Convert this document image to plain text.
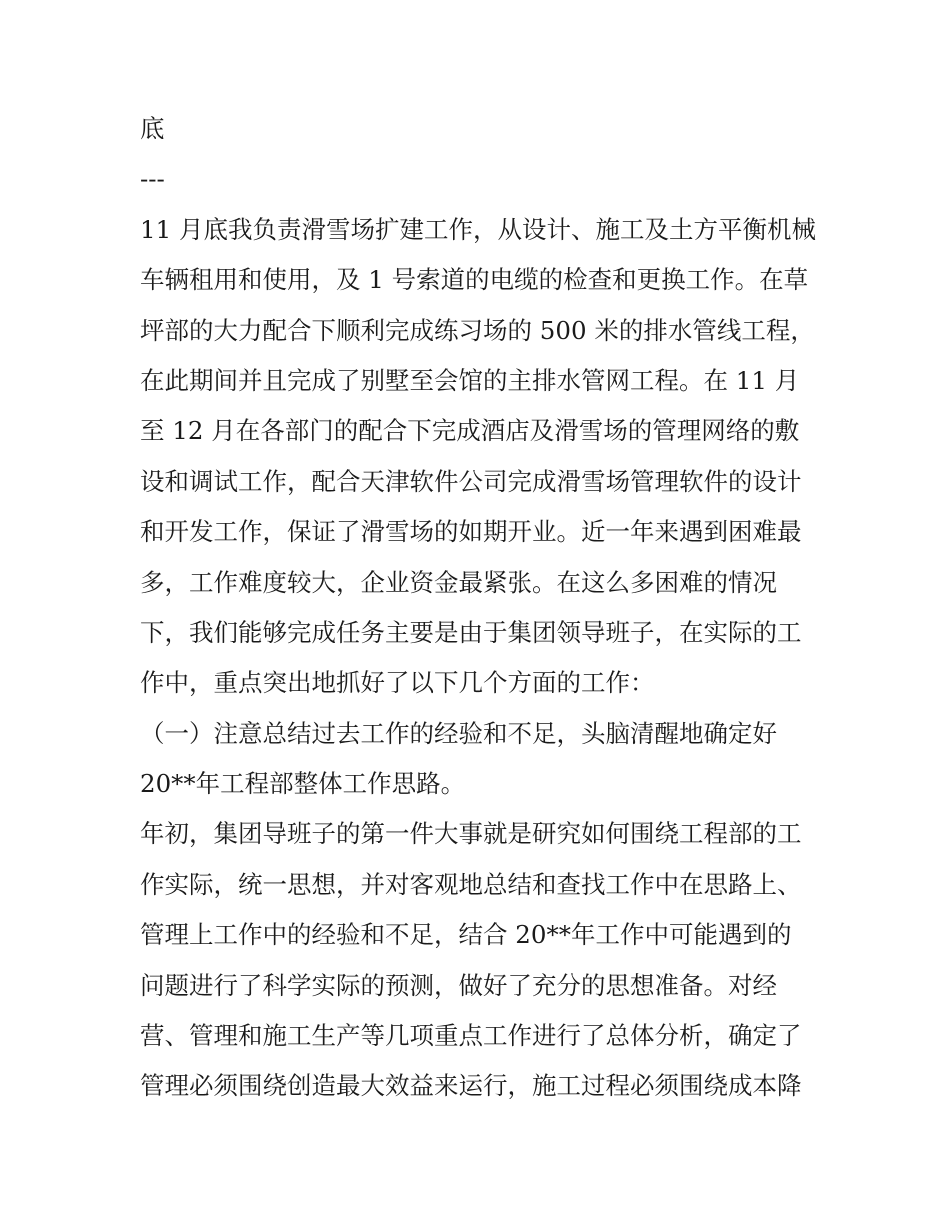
底
---
11 月底我负责滑雪场扩建工作，从设计、施工及土方平衡机械
车辆租用和使用，及 1 号索道的电缆的检查和更换工作。在草
坪部的大力配合下顺利完成练习场的 500 米的排水管线工程，
在此期间并且完成了别墅至会馆的主排水管网工程。在 11 月
至 12 月在各部门的配合下完成酒店及滑雪场的管理网络的敷
设和调试工作，配合天津软件公司完成滑雪场管理软件的设计
和开发工作，保证了滑雪场的如期开业。近一年来遇到困难最
多，工作难度较大，企业资金最紧张。在这么多困难的情况
下，我们能够完成任务主要是由于集团领导班子，在实际的工
作中，重点突出地抓好了以下几个方面的工作：
（一）注意总结过去工作的经验和不足，头脑清醒地确定好
20**年工程部整体工作思路。
年初，集团导班子的第一件大事就是研究如何围绕工程部的工
作实际，统一思想，并对客观地总结和查找工作中在思路上、
管理上工作中的经验和不足，结合 20**年工作中可能遇到的
问题进行了科学实际的预测，做好了充分的思想准备。对经
营、管理和施工生产等几项重点工作进行了总体分析，确定了
管理必须围绕创造最大效益来运行，施工过程必须围绕成本降
